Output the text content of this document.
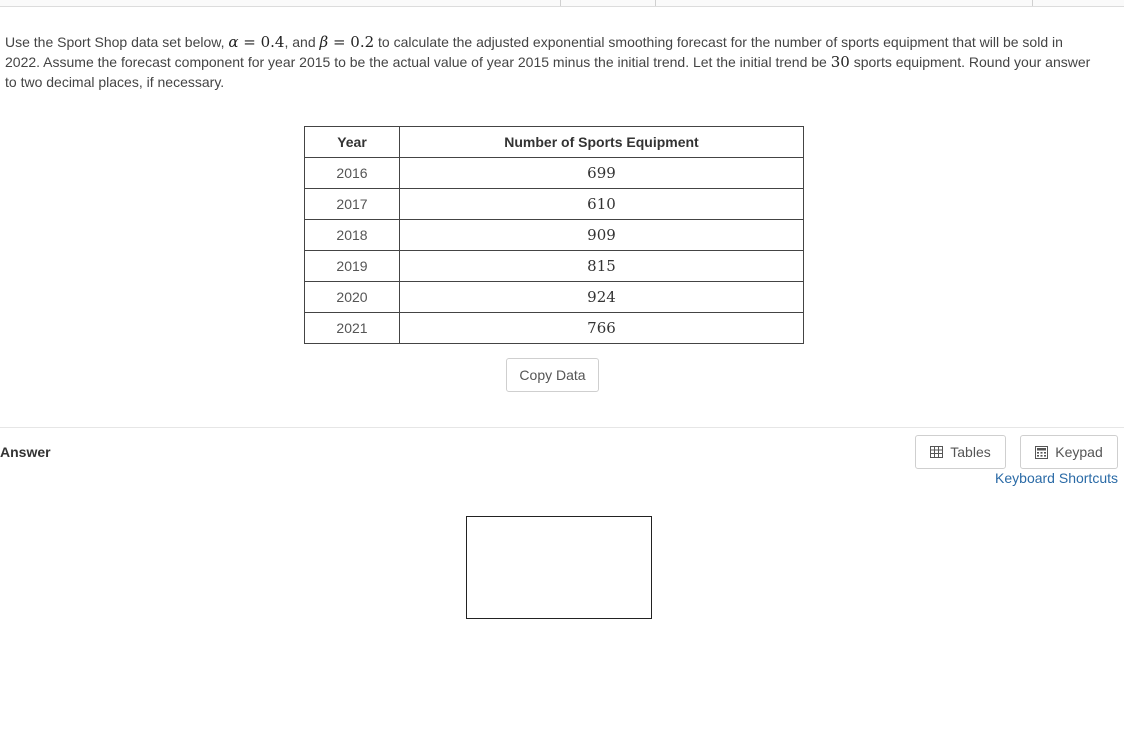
Use the Sport Shop data set below, α = 0.4, and β = 0.2 to calculate the adjusted exponential smoothing forecast for the number of sports equipment that will be sold in 2022. Assume the forecast component for year 2015 to be the actual value of year 2015 minus the initial trend. Let the initial trend be 30 sports equipment. Round your answer to two decimal places, if necessary.
Year	Number of Sports Equipment
2016	699
2017	610
2018	909
2019	815
2020	924
2021	766
Copy Data
Answer	Tables	Keypad
Keyboard Shortcuts
